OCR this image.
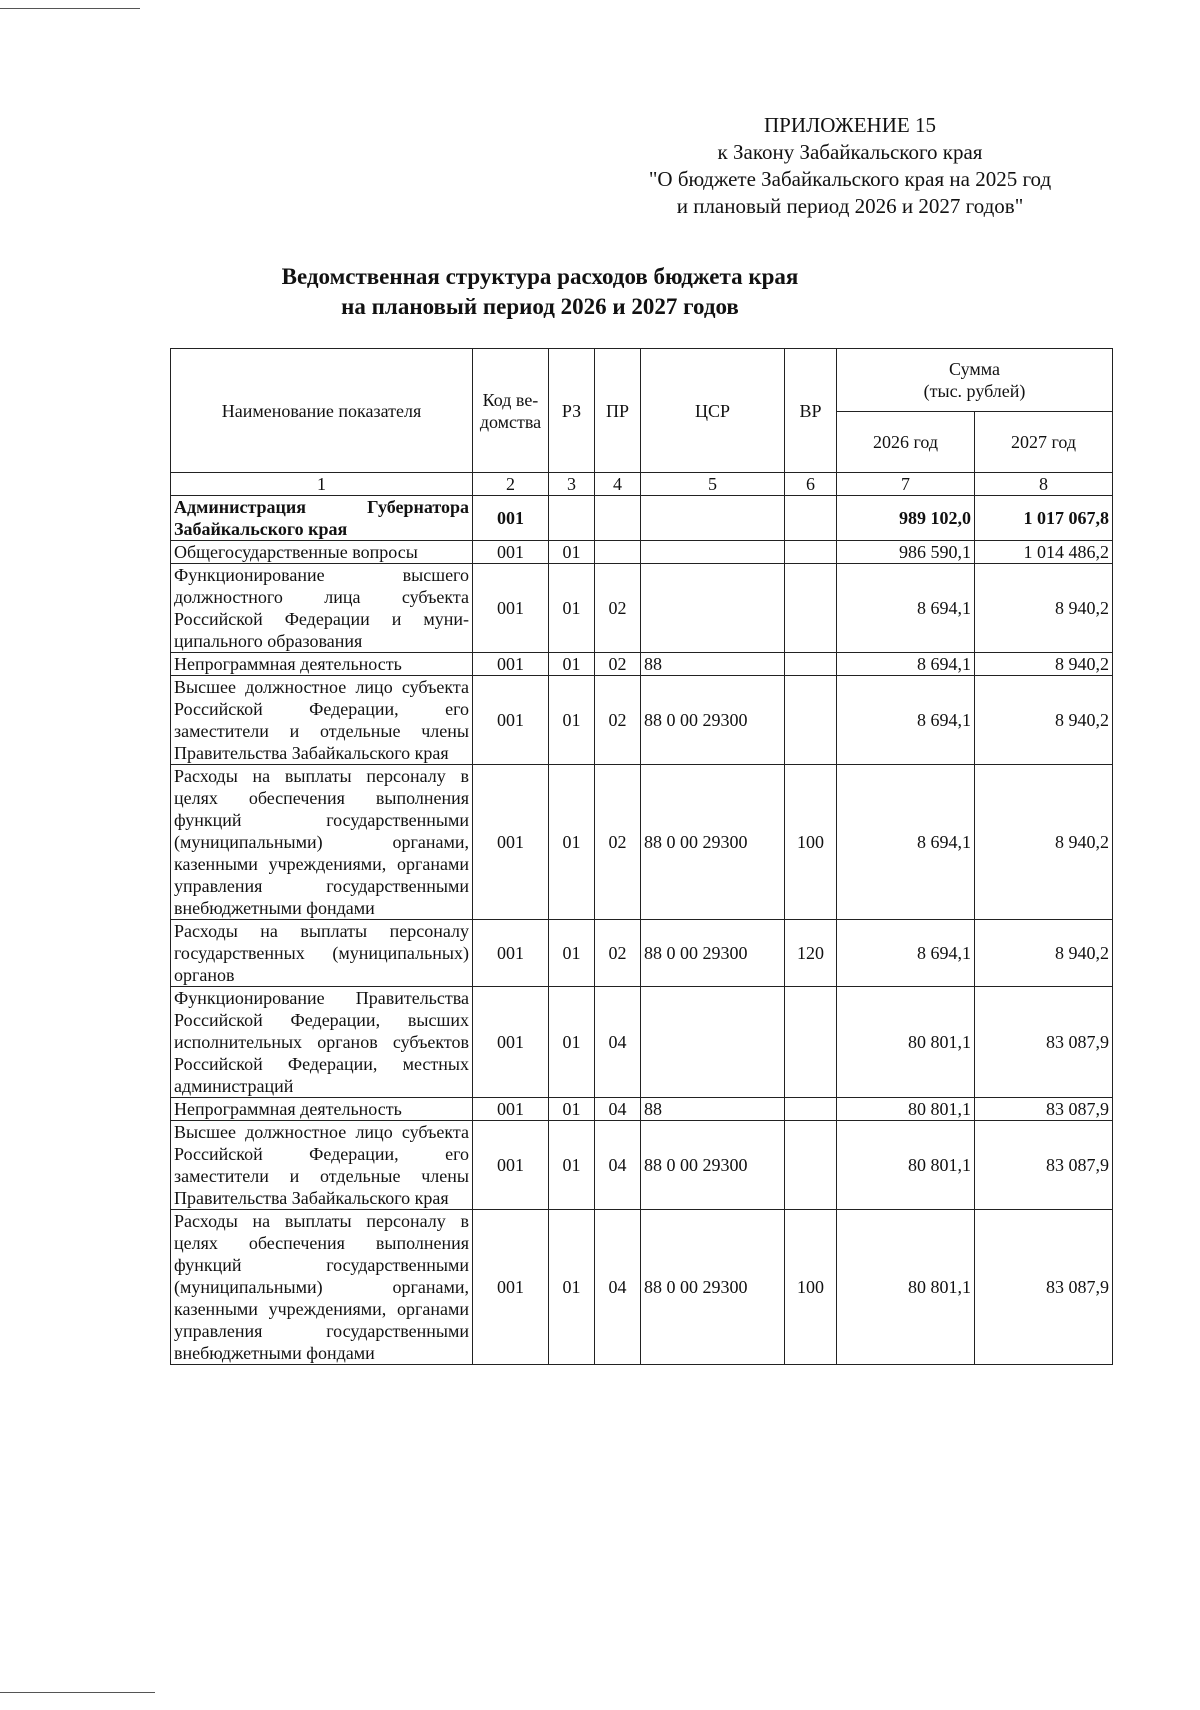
ПРИЛОЖЕНИЕ 15
к Закону Забайкальского края
"О бюджете Забайкальского края на 2025 год
и плановый период 2026 и 2027 годов"
Ведомственная структура расходов бюджета края
на плановый период 2026 и 2027 годов
Наименование показателя	Код ве-домства	РЗ	ПР	ЦСР	ВР	Сумма
(тыс. рублей)	

						2026 год	2027 год
1	2	3	4	5	6	7	8
Администрация Губернатора Забайкальского края	001					989 102,0	1 017 067,8
Общегосударственные вопросы	001	01				986 590,1	1 014 486,2
Функционирование высшего должностного лица субъекта Российской Федерации и муниципального образования	001	01	02			8 694,1	8 940,2
Непрограммная деятельность	001	01	02	88		8 694,1	8 940,2
Высшее должностное лицо субъекта Российской Федерации, его заместители и отдельные члены Правительства Забайкальского края	001	01	02	88 0 00 29300		8 694,1	8 940,2
Расходы на выплаты персоналу в целях обеспечения выполнения функций государственными (муниципальными) органами, казенными учреждениями, органами управления государственными внебюджетными фондами	001	01	02	88 0 00 29300	100	8 694,1	8 940,2
Расходы на выплаты персоналу государственных (муниципальных) органов	001	01	02	88 0 00 29300	120	8 694,1	8 940,2
Функционирование Правительства Российской Федерации, высших исполнительных органов субъектов Российской Федерации, местных администраций	001	01	04			80 801,1	83 087,9
Непрограммная деятельность	001	01	04	88		80 801,1	83 087,9
Высшее должностное лицо субъекта Российской Федерации, его заместители и отдельные члены Правительства Забайкальского края	001	01	04	88 0 00 29300		80 801,1	83 087,9
Расходы на выплаты персоналу в целях обеспечения выполнения функций государственными (муниципальными) органами, казенными учреждениями, органами управления государственными внебюджетными фондами	001	01	04	88 0 00 29300	100	80 801,1	83 087,9
